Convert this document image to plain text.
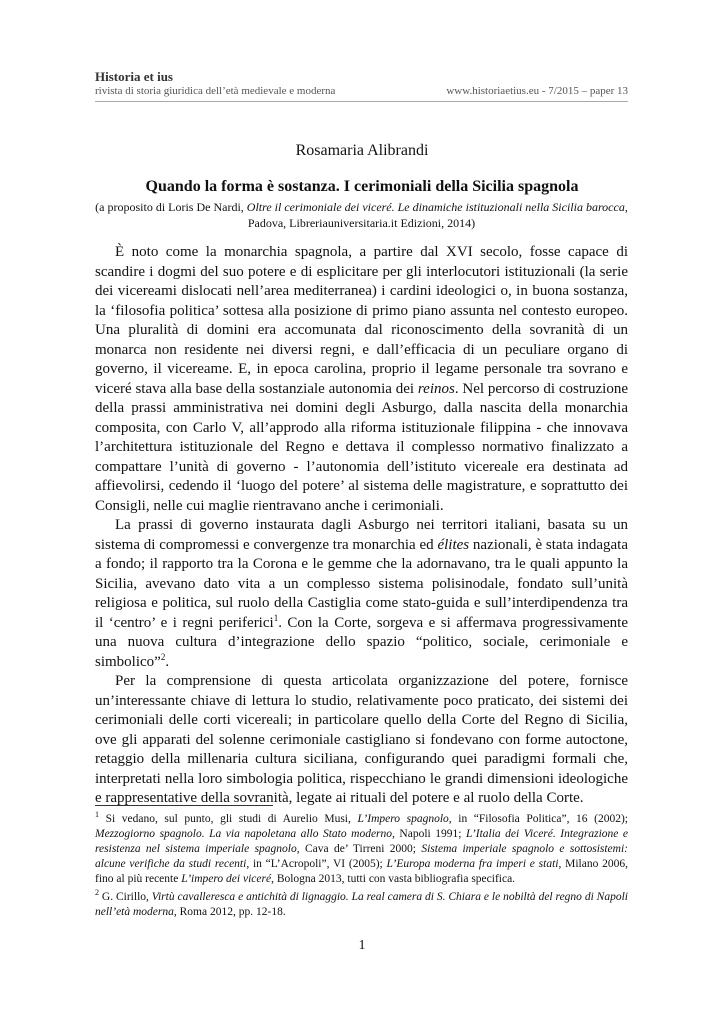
Historia et ius
rivista di storia giuridica dell’età medievale e moderna	www.historiaetius.eu - 7/2015 – paper 13
Rosamaria Alibrandi
Quando la forma è sostanza. I cerimoniali della Sicilia spagnola
(a proposito di Loris De Nardi, Oltre il cerimoniale dei viceré. Le dinamiche istituzionali nella Sicilia barocca, Padova, Libreriauniversitaria.it Edizioni, 2014)

È noto come la monarchia spagnola, a partire dal XVI secolo, fosse capace di scandire i dogmi del suo potere e di esplicitare per gli interlocutori istituzionali (la serie dei vicereami dislocati nell’area mediterranea) i cardini ideologici o, in buona sostanza, la ‘filosofia politica’ sottesa alla posizione di primo piano assunta nel contesto europeo. Una pluralità di domini era accomunata dal riconoscimento della sovranità di un monarca non residente nei diversi regni, e dall’efficacia di un peculiare organo di governo, il vicereame. E, in epoca carolina, proprio il legame personale tra sovrano e viceré stava alla base della sostanziale autonomia dei reinos. Nel percorso di costruzione della prassi amministrativa nei domini degli Asburgo, dalla nascita della monarchia composita, con Carlo V, all’approdo alla riforma istituzionale filippina - che innovava l’architettura istituzionale del Regno e dettava il complesso normativo finalizzato a compattare l’unità di governo - l’autonomia dell’istituto vicereale era destinata ad affievolirsi, cedendo il ‘luogo del potere’ al sistema delle magistrature, e soprattutto dei Consigli, nelle cui maglie rientravano anche i cerimoniali.

La prassi di governo instaurata dagli Asburgo nei territori italiani, basata su un sistema di compromessi e convergenze tra monarchia ed élites nazionali, è stata indagata a fondo; il rapporto tra la Corona e le gemme che la adornavano, tra le quali appunto la Sicilia, avevano dato vita a un complesso sistema polisinodale, fondato sull’unità religiosa e politica, sul ruolo della Castiglia come stato-guida e sull’interdipendenza tra il ‘centro’ e i regni periferici$^1$. Con la Corte, sorgeva e si affermava progressivamente una nuova cultura d’integrazione dello spazio “politico, sociale, cerimoniale e simbolico”$^2$.

Per la comprensione di questa articolata organizzazione del potere, fornisce un’interessante chiave di lettura lo studio, relativamente poco praticato, dei sistemi dei cerimoniali delle corti vicereali; in particolare quello della Corte del Regno di Sicilia, ove gli apparati del solenne cerimoniale castigliano si fondevano con forme autoctone, retaggio della millenaria cultura siciliana, configurando quei paradigmi formali che, interpretati nella loro simbologia politica, rispecchiano le grandi dimensioni ideologiche e rappresentative della sovranità, legate ai rituali del potere e al ruolo della Corte.

$^1$ Si vedano, sul punto, gli studi di Aurelio Musi, L’Impero spagnolo, in “Filosofia Politica”, 16 (2002); Mezzogiorno spagnolo. La via napoletana allo Stato moderno, Napoli 1991; L’Italia dei Viceré. Integrazione e resistenza nel sistema imperiale spagnolo, Cava de’ Tirreni 2000; Sistema imperiale spagnolo e sottosistemi: alcune verifiche da studi recenti, in “L’Acropoli”, VI (2005); L’Europa moderna fra imperi e stati, Milano 2006, fino al più recente L’impero dei viceré, Bologna 2013, tutti con vasta bibliografia specifica.

$^2$ G. Cirillo, Virtù cavalleresca e antichità di lignaggio. La real camera di S. Chiara e le nobiltà del regno di Napoli nell’età moderna, Roma 2012, pp. 12-18.

1
